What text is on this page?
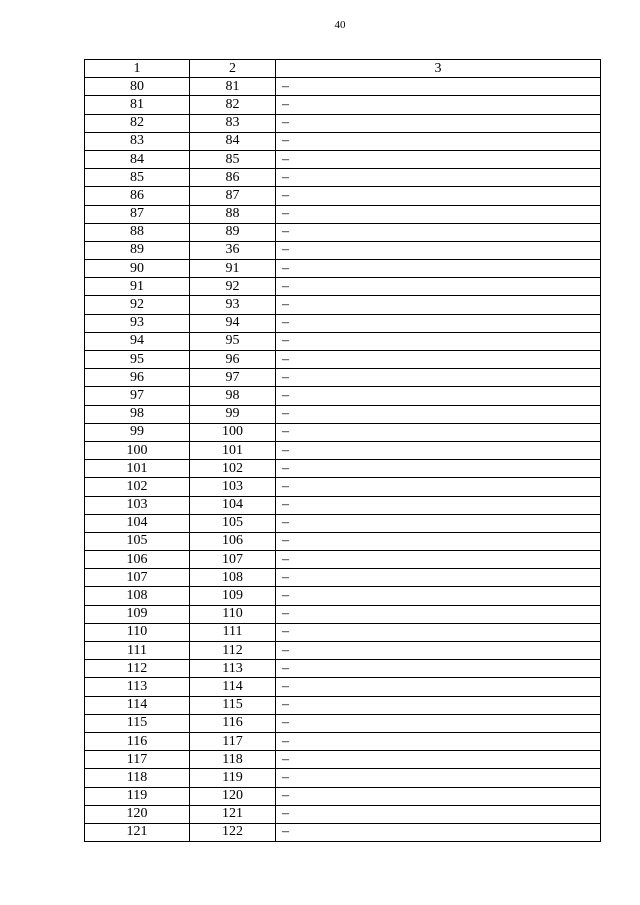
40
1	2	3
80	81	–
81	82	–
82	83	–
83	84	–
84	85	–
85	86	–
86	87	–
87	88	–
88	89	–
89	36	–
90	91	–
91	92	–
92	93	–
93	94	–
94	95	–
95	96	–
96	97	–
97	98	–
98	99	–
99	100	–
100	101	–
101	102	–
102	103	–
103	104	–
104	105	–
105	106	–
106	107	–
107	108	–
108	109	–
109	110	–
110	111	–
111	112	–
112	113	–
113	114	–
114	115	–
115	116	–
116	117	–
117	118	–
118	119	–
119	120	–
120	121	–
121	122	–
